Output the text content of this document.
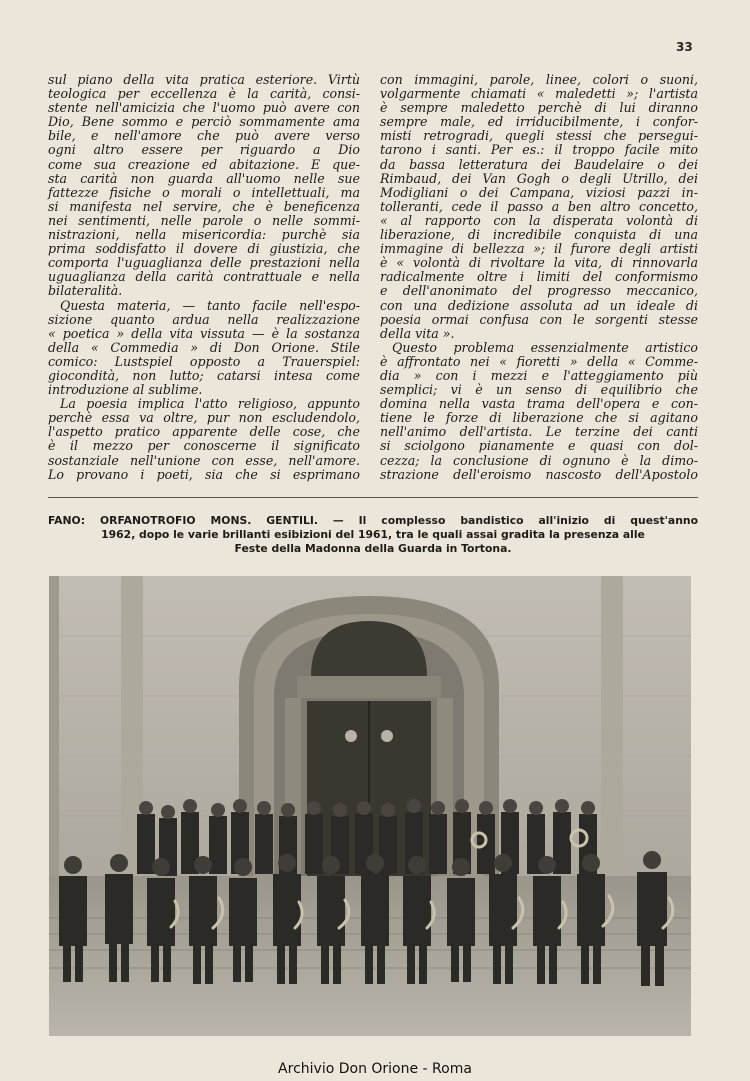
33
sul piano della vita pratica esteriore. Virtù
teologica per eccellenza è la carità, consi-
stente nell'amicizia che l'uomo può avere con
Dio, Bene sommo e perciò sommamente ama
bile, e nell'amore che può avere verso
ogni altro essere per riguardo a Dio
come sua creazione ed abitazione. E que-
sta carità non guarda all'uomo nelle sue
fattezze fisiche o morali o intellettuali, ma
si manifesta nel servire, che è beneficenza
nei sentimenti, nelle parole o nelle sommi-
nistrazioni, nella misericordia: purchè sia
prima soddisfatto il dovere di giustizia, che
comporta l'uguaglianza delle prestazioni nella
uguaglianza della carità contrattuale e nella
bilateralità.
Questa materia, — tanto facile nell'espo-
sizione quanto ardua nella realizzazione
« poetica » della vita vissuta — è la sostanza
della « Commedia » di Don Orione. Stile
comico: Lustspiel opposto a Trauerspiel:
giocondità, non lutto; catarsi intesa come
introduzione al sublime.
La poesia implica l'atto religioso, appunto
perchè essa va oltre, pur non escludendolo,
l'aspetto pratico apparente delle cose, che
è il mezzo per conoscerne il significato
sostanziale nell'unione con esse, nell'amore.
Lo provano i poeti, sia che si esprimano
con immagini, parole, linee, colori o suoni,
volgarmente chiamati « maledetti »; l'artista
è sempre maledetto perchè di lui diranno
sempre male, ed irriducibilmente, i confor-
misti retrogradi, quegli stessi che persegui-
tarono i santi. Per es.: il troppo facile mito
da bassa letteratura dei Baudelaire o dei
Rimbaud, dei Van Gogh o degli Utrillo, dei
Modigliani o dei Campana, viziosi pazzi in-
tolleranti, cede il passo a ben altro concetto,
« al rapporto con la disperata volontà di
liberazione, di incredibile conquista di una
immagine di bellezza »; il furore degli artisti
è « volontà di rivoltare la vita, di rinnovarla
radicalmente oltre i limiti del conformismo
e dell'anonimato del progresso meccanico,
con una dedizione assoluta ad un ideale di
poesia ormai confusa con le sorgenti stesse
della vita ».
Questo problema essenzialmente artistico
è affrontato nei « fioretti » della « Comme-
dia » con i mezzi e l'atteggiamento più
semplici; vi è un senso di equilibrio che
domina nella vasta trama dell'opera e con-
tiene le forze di liberazione che si agitano
nell'animo dell'artista. Le terzine dei canti
si sciolgono pianamente e quasi con dol-
cezza; la conclusione di ognuno è la dimo-
strazione dell'eroismo nascosto dell'Apostolo
FANO: ORFANOTROFIO MONS. GENTILI. — Il complesso bandistico all'inizio di quest'anno
1962, dopo le varie brillanti esibizioni del 1961, tra le quali assai gradita la presenza alle
Feste della Madonna della Guarda in Tortona.
Archivio Don Orione - Roma
